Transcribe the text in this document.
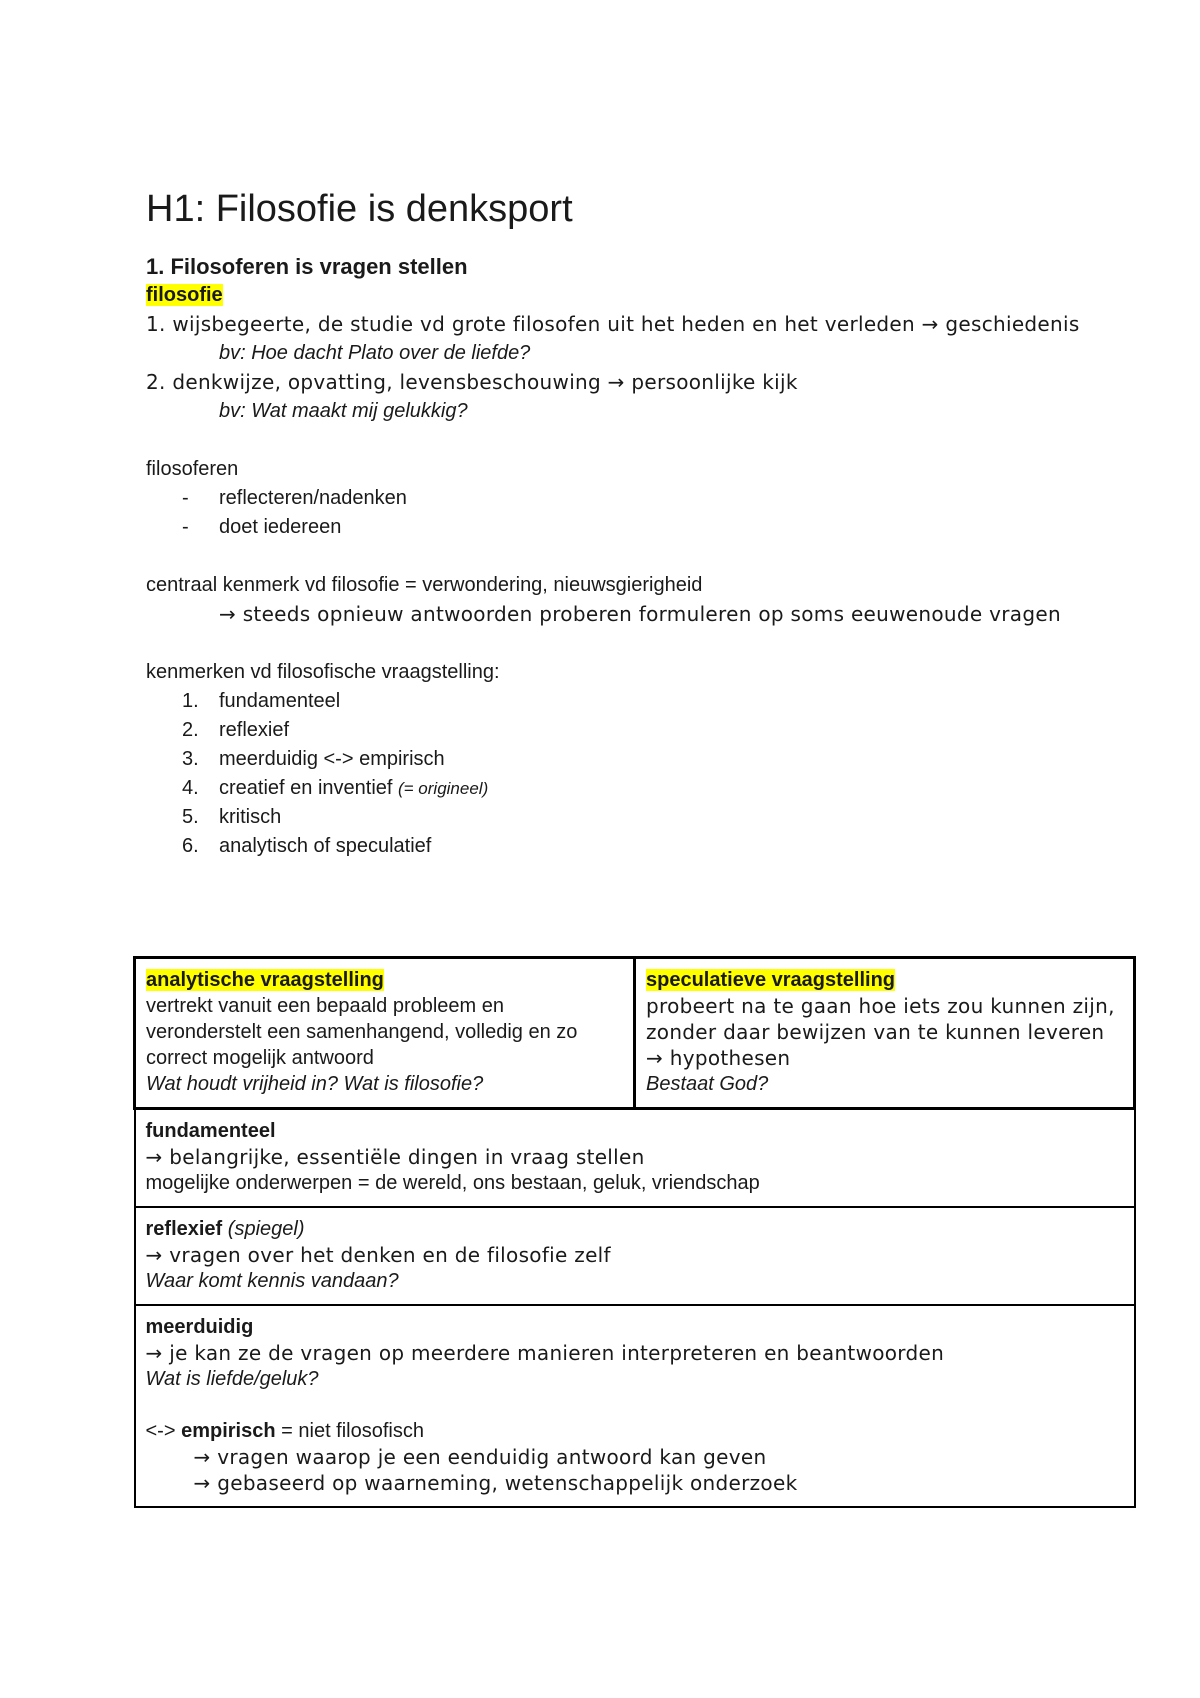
H1: Filosofie is denksport

1. Filosoferen is vragen stellen

filosofie

1. wijsbegeerte, de studie vd grote filosofen uit het heden en het verleden → geschiedenis

bv: Hoe dacht Plato over de liefde?

2. denkwijze, opvatting, levensbeschouwing → persoonlijke kijk

bv: Wat maakt mij gelukkig?

filosoferen

-	reflecteren/nadenken
-	doet iedereen

centraal kenmerk vd filosofie = verwondering, nieuwsgierigheid

→ steeds opnieuw antwoorden proberen formuleren op soms eeuwenoude vragen

kenmerken vd filosofische vraagstelling:

1.	fundamenteel
2.	reflexief
3.	meerduidig <-> empirisch
4.	creatief en inventief (= origineel)
5.	kritisch
6.	analytisch of speculatief
analytische vraagstelling
vertrekt vanuit een bepaald probleem en veronderstelt een samenhangend, volledig en zo correct mogelijk antwoord
Wat houdt vrijheid in? Wat is filosofie?

speculatieve vraagstelling
probeert na te gaan hoe iets zou kunnen zijn, zonder daar bewijzen van te kunnen leveren
→ hypothesen
Bestaat God?

fundamenteel
→ belangrijke, essentiële dingen in vraag stellen
mogelijke onderwerpen = de wereld, ons bestaan, geluk, vriendschap

reflexief (spiegel)
→ vragen over het denken en de filosofie zelf
Waar komt kennis vandaan?

meerduidig
→ je kan ze de vragen op meerdere manieren interpreteren en beantwoorden
Wat is liefde/geluk?
<-> empirisch = niet filosofisch
→ vragen waarop je een eenduidig antwoord kan geven
→ gebaseerd op waarneming, wetenschappelijk onderzoek
